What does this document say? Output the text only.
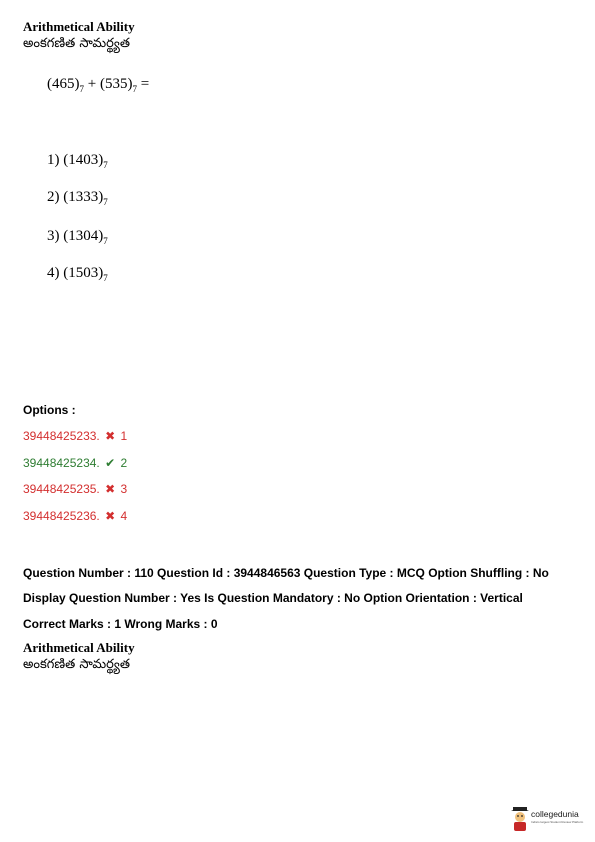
Arithmetical Ability
అంకగణిత సామర్థ్యత
$(465)_7 + (535)_7$ =
1) $(1403)_7$
2) $(1333)_7$
3) $(1304)_7$
4) $(1503)_7$
Options :
39448425233. ✖ 1
39448425234. ✔ 2
39448425235. ✖ 3
39448425236. ✖ 4
Question Number : 110 Question Id : 3944846563 Question Type : MCQ Option Shuffling : No
Display Question Number : Yes Is Question Mandatory : No Option Orientation : Vertical
Correct Marks : 1 Wrong Marks : 0
Arithmetical Ability
అంకగణిత సామర్థ్యత
collegedunia
India's largest Student Review Platform
